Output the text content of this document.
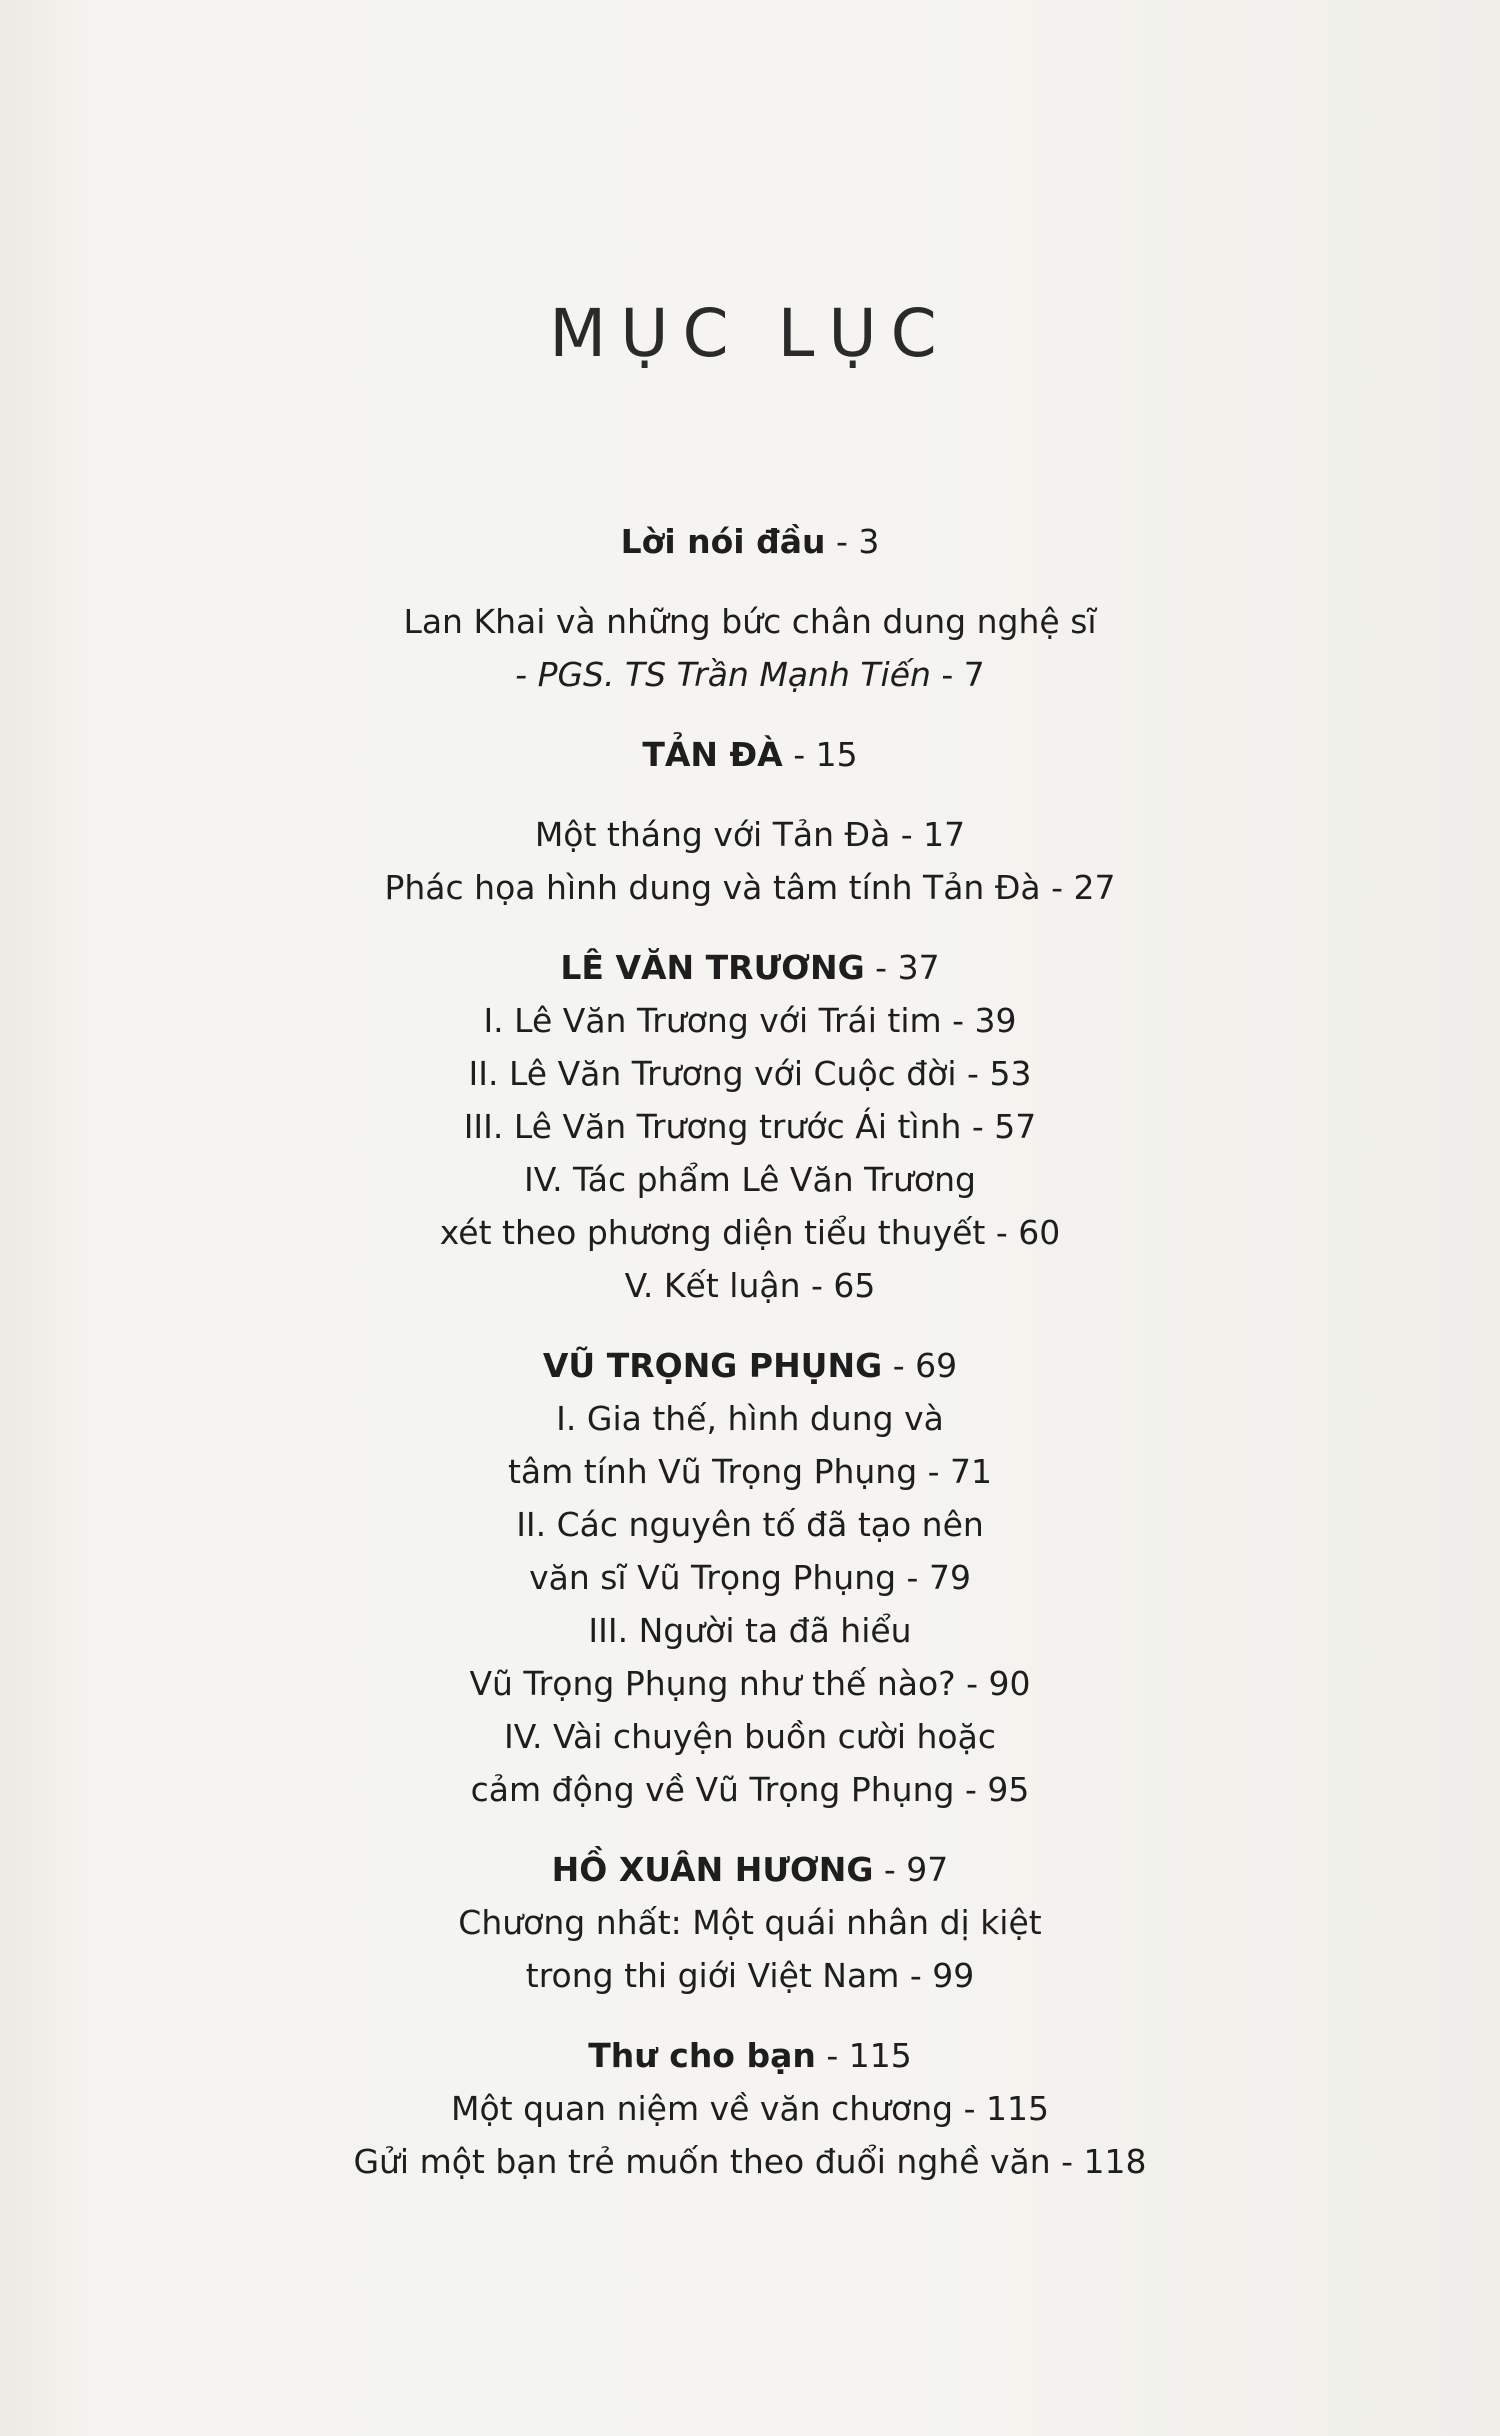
MỤC LỤC
Lời nói đầu - 3
Lan Khai và những bức chân dung nghệ sĩ
- PGS. TS Trần Mạnh Tiến - 7
TẢN ĐÀ - 15
Một tháng với Tản Đà - 17
Phác họa hình dung và tâm tính Tản Đà - 27
LÊ VĂN TRƯƠNG - 37
I. Lê Văn Trương với Trái tim - 39
II. Lê Văn Trương với Cuộc đời - 53
III. Lê Văn Trương trước Ái tình - 57
IV. Tác phẩm Lê Văn Trương
xét theo phương diện tiểu thuyết - 60
V. Kết luận - 65
VŨ TRỌNG PHỤNG - 69
I. Gia thế, hình dung và
tâm tính Vũ Trọng Phụng - 71
II. Các nguyên tố đã tạo nên
văn sĩ Vũ Trọng Phụng - 79
III. Người ta đã hiểu
Vũ Trọng Phụng như thế nào? - 90
IV. Vài chuyện buồn cười hoặc
cảm động về Vũ Trọng Phụng - 95
HỒ XUÂN HƯƠNG - 97
Chương nhất: Một quái nhân dị kiệt
trong thi giới Việt Nam - 99
Thư cho bạn - 115
Một quan niệm về văn chương - 115
Gửi một bạn trẻ muốn theo đuổi nghề văn - 118
